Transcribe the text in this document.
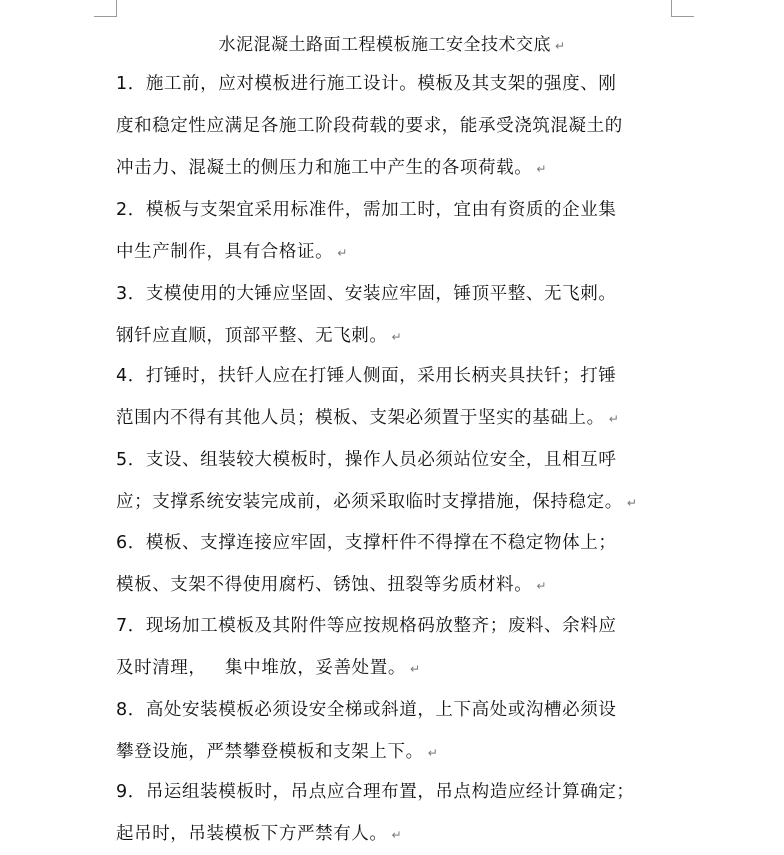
水泥混凝土路面工程模板施工安全技术交底 ↵
1．施工前，应对模板进行施工设计。模板及其支架的强度、刚
度和稳定性应满足各施工阶段荷载的要求，能承受浇筑混凝土的
冲击力、混凝土的侧压力和施工中产生的各项荷载。 ↵
2．模板与支架宜采用标准件，需加工时，宜由有资质的企业集
中生产制作，具有合格证。 ↵
3．支模使用的大锤应坚固、安装应牢固，锤顶平整、无飞刺。
钢钎应直顺，顶部平整、无飞刺。 ↵
4．打锤时，扶钎人应在打锤人侧面，采用长柄夹具扶钎；打锤
范围内不得有其他人员；模板、支架必须置于坚实的基础上。 ↵
5．支设、组装较大模板时，操作人员必须站位安全，且相互呼
应；支撑系统安装完成前，必须采取临时支撑措施，保持稳定。 ↵
6．模板、支撑连接应牢固，支撑杆件不得撑在不稳定物体上；
模板、支架不得使用腐朽、锈蚀、扭裂等劣质材料。 ↵
7．现场加工模板及其附件等应按规格码放整齐；废料、余料应
及时清理，   集中堆放，妥善处置。 ↵
8．高处安装模板必须设安全梯或斜道，上下高处或沟槽必须设
攀登设施，严禁攀登模板和支架上下。 ↵
9．吊运组装模板时，吊点应合理布置，吊点构造应经计算确定；
起吊时，吊装模板下方严禁有人。 ↵
